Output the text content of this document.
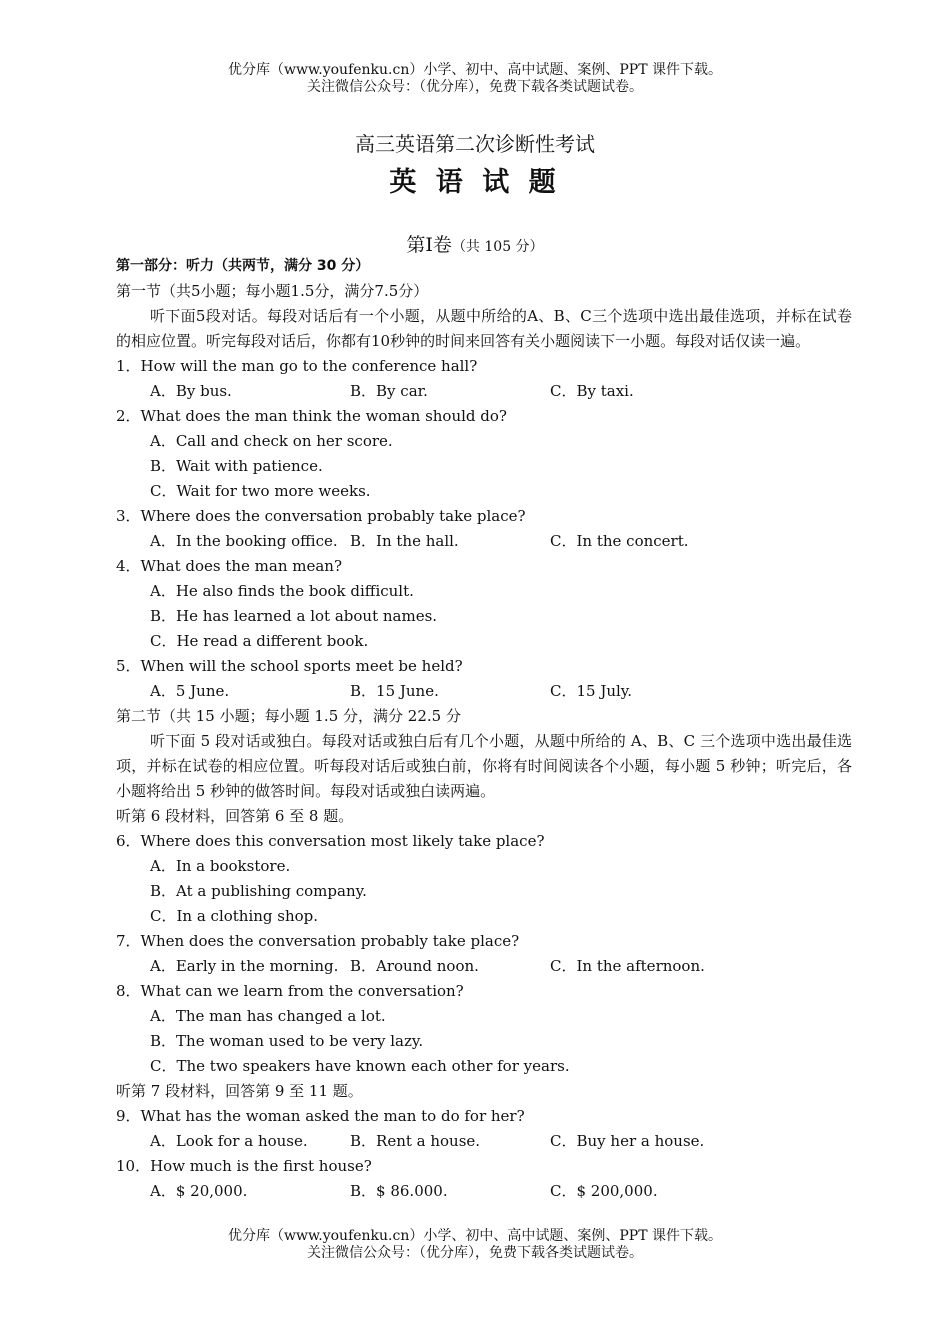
优分库（www.youfenku.cn）小学、初中、高中试题、案例、PPT 课件下载。
关注微信公众号：（优分库），免费下载各类试题试卷。
高三英语第二次诊断性考试
英 语 试 题
第Ⅰ卷（共 105 分）
第一部分：听力（共两节，满分 30 分）
第一节（共5小题；每小题1.5分，满分7.5分）
听下面5段对话。每段对话后有一个小题，从题中所给的A、B、C三个选项中选出最佳选项，并标在试卷的相应位置。听完每段对话后，你都有10秒钟的时间来回答有关小题阅读下一小题。每段对话仅读一遍。
1．How will the man go to the conference hall?
A．By bus.	B．By car.	C．By taxi.
2．What does the man think the woman should do?
A．Call and check on her score.
B．Wait with patience.
C．Wait for two more weeks.
3．Where does the conversation probably take place?
A．In the booking office. B．In the hall.	C．In the concert.
4．What does the man mean?
A．He also finds the book difficult.
B．He has learned a lot about names.
C．He read a different book.
5．When will the school sports meet be held?
A．5 June.	B．15 June.	C．15 July.
第二节（共 15 小题；每小题 1.5 分，满分 22.5 分
听下面 5 段对话或独白。每段对话或独白后有几个小题，从题中所给的 A、B、C 三个选项中选出最佳选项，并标在试卷的相应位置。听每段对话后或独白前，你将有时间阅读各个小题，每小题 5 秒钟；听完后，各小题将给出 5 秒钟的做答时间。每段对话或独白读两遍。
听第 6 段材料，回答第 6 至 8 题。
6．Where does this conversation most likely take place?
A．In a bookstore.
B．At a publishing company.
C．In a clothing shop.
7．When does the conversation probably take place?
A．Early in the morning. B．Around noon.	C．In the afternoon.
8．What can we learn from the conversation?
A．The man has changed a lot.
B．The woman used to be very lazy.
C．The two speakers have known each other for years.
听第 7 段材料，回答第 9 至 11 题。
9．What has the woman asked the man to do for her?
A．Look for a house.	B．Rent a house.	C．Buy her a house.
10．How much is the first house?
A．$ 20,000.	B．$ 86.000.	C．$ 200,000.
优分库（www.youfenku.cn）小学、初中、高中试题、案例、PPT 课件下载。
关注微信公众号：（优分库），免费下载各类试题试卷。
